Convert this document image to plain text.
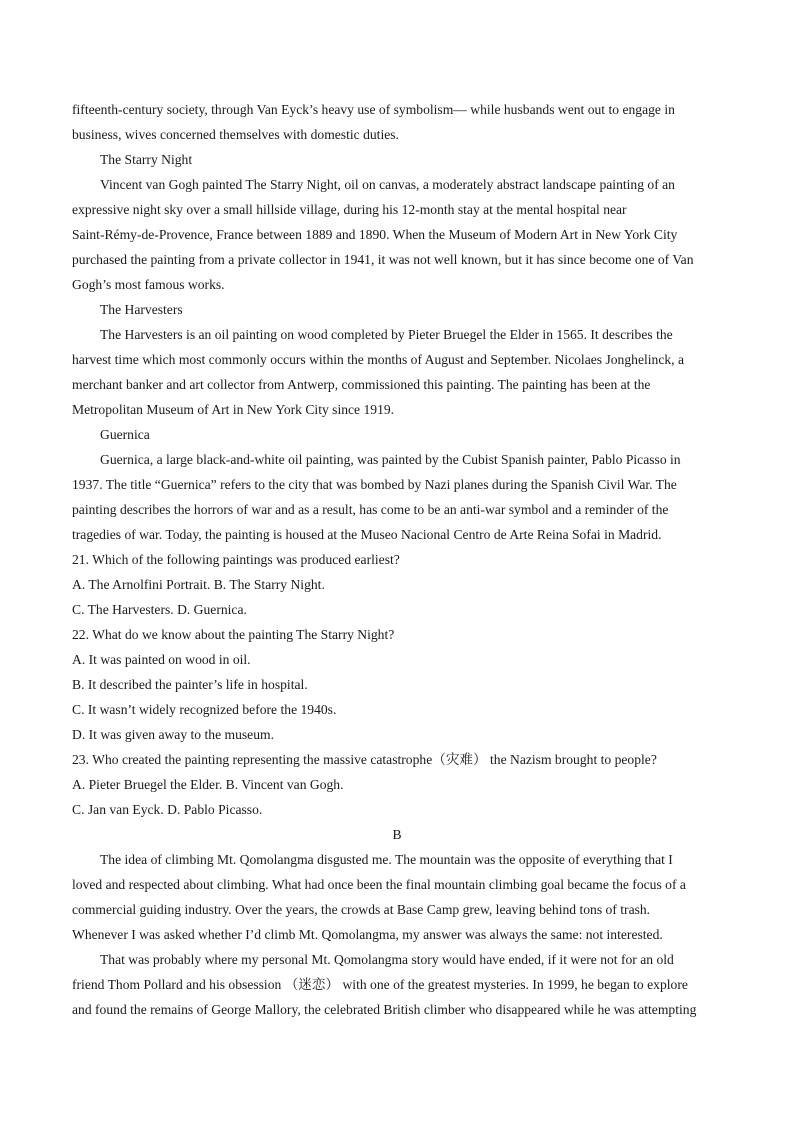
fifteenth-century society, through Van Eyck’s heavy use of symbolism— while husbands went out to engage in
business, wives concerned themselves with domestic duties.
The Starry Night
Vincent van Gogh painted The Starry Night, oil on canvas, a moderately abstract landscape painting of an
expressive night sky over a small hillside village, during his 12-month stay at the mental hospital near
Saint-Rémy-de-Provence, France between 1889 and 1890. When the Museum of Modern Art in New York City
purchased the painting from a private collector in 1941, it was not well known, but it has since become one of Van
Gogh’s most famous works.
The Harvesters
The Harvesters is an oil painting on wood completed by Pieter Bruegel the Elder in 1565. It describes the
harvest time which most commonly occurs within the months of August and September. Nicolaes Jonghelinck, a
merchant banker and art collector from Antwerp, commissioned this painting. The painting has been at the
Metropolitan Museum of Art in New York City since 1919.
Guernica
Guernica, a large black-and-white oil painting, was painted by the Cubist Spanish painter, Pablo Picasso in
1937. The title “Guernica” refers to the city that was bombed by Nazi planes during the Spanish Civil War. The
painting describes the horrors of war and as a result, has come to be an anti-war symbol and a reminder of the
tragedies of war. Today, the painting is housed at the Museo Nacional Centro de Arte Reina Sofai in Madrid.
21. Which of the following paintings was produced earliest?
A. The Arnolfini Portrait. B. The Starry Night.
C. The Harvesters. D. Guernica.
22. What do we know about the painting The Starry Night?
A. It was painted on wood in oil.
B. It described the painter’s life in hospital.
C. It wasn’t widely recognized before the 1940s.
D. It was given away to the museum.
23. Who created the painting representing the massive catastrophe（灾难） the Nazism brought to people?
A. Pieter Bruegel the Elder. B. Vincent van Gogh.
C. Jan van Eyck. D. Pablo Picasso.
B
The idea of climbing Mt. Qomolangma disgusted me. The mountain was the opposite of everything that I
loved and respected about climbing. What had once been the final mountain climbing goal became the focus of a
commercial guiding industry. Over the years, the crowds at Base Camp grew, leaving behind tons of trash.
Whenever I was asked whether I’d climb Mt. Qomolangma, my answer was always the same: not interested.
That was probably where my personal Mt. Qomolangma story would have ended, if it were not for an old
friend Thom Pollard and his obsession （迷恋） with one of the greatest mysteries. In 1999, he began to explore
and found the remains of George Mallory, the celebrated British climber who disappeared while he was attempting
